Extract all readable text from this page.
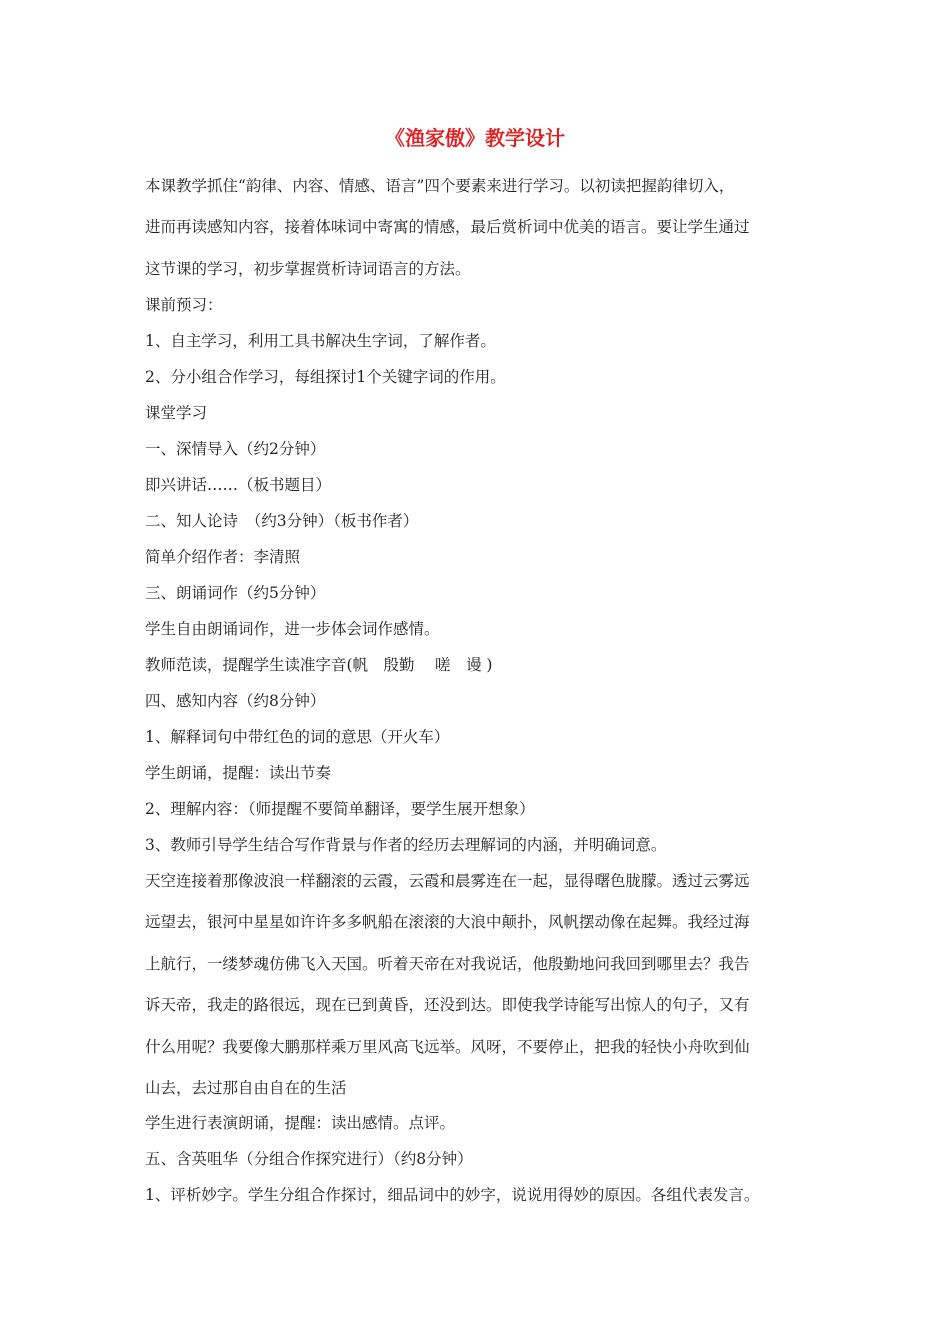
《渔家傲》教学设计
本课教学抓住“韵律、内容、情感、语言”四个要素来进行学习。以初读把握韵律切入，
进而再读感知内容，接着体味词中寄寓的情感，最后赏析词中优美的语言。要让学生通过
这节课的学习，初步掌握赏析诗词语言的方法。
课前预习：
1、自主学习，利用工具书解决生字词，了解作者。
2、分小组合作学习，每组探讨1个关键字词的作用。
课堂学习
一、深情导入（约2分钟）
即兴讲话……（板书题目）
二、知人论诗　（约3分钟）（板书作者）
简单介绍作者：李清照
三、朗诵词作（约5分钟）
学生自由朗诵词作，进一步体会词作感情。
教师范读，提醒学生读准字音(帆　殷勤　 嗟　谩 )
四、感知内容（约8分钟）
1、解释词句中带红色的词的意思（开火车）
学生朗诵，提醒：读出节奏
2、理解内容：（师提醒不要简单翻译，要学生展开想象）
3、教师引导学生结合写作背景与作者的经历去理解词的内涵，并明确词意。
天空连接着那像波浪一样翻滚的云霞，云霞和晨雾连在一起，显得曙色胧朦。透过云雾远
远望去，银河中星星如许许多多帆船在滚滚的大浪中颠扑，风帆摆动像在起舞。我经过海
上航行，一缕梦魂仿佛飞入天国。听着天帝在对我说话，他殷勤地问我回到哪里去？我告
诉天帝，我走的路很远，现在已到黄昏，还没到达。即使我学诗能写出惊人的句子，又有
什么用呢？我要像大鹏那样乘万里风高飞远举。风呀，不要停止，把我的轻快小舟吹到仙
山去，去过那自由自在的生活
学生进行表演朗诵，提醒：读出感情。点评。
五、含英咀华（分组合作探究进行）（约8分钟）
1、评析妙字。学生分组合作探讨，细品词中的妙字，说说用得妙的原因。各组代表发言。
